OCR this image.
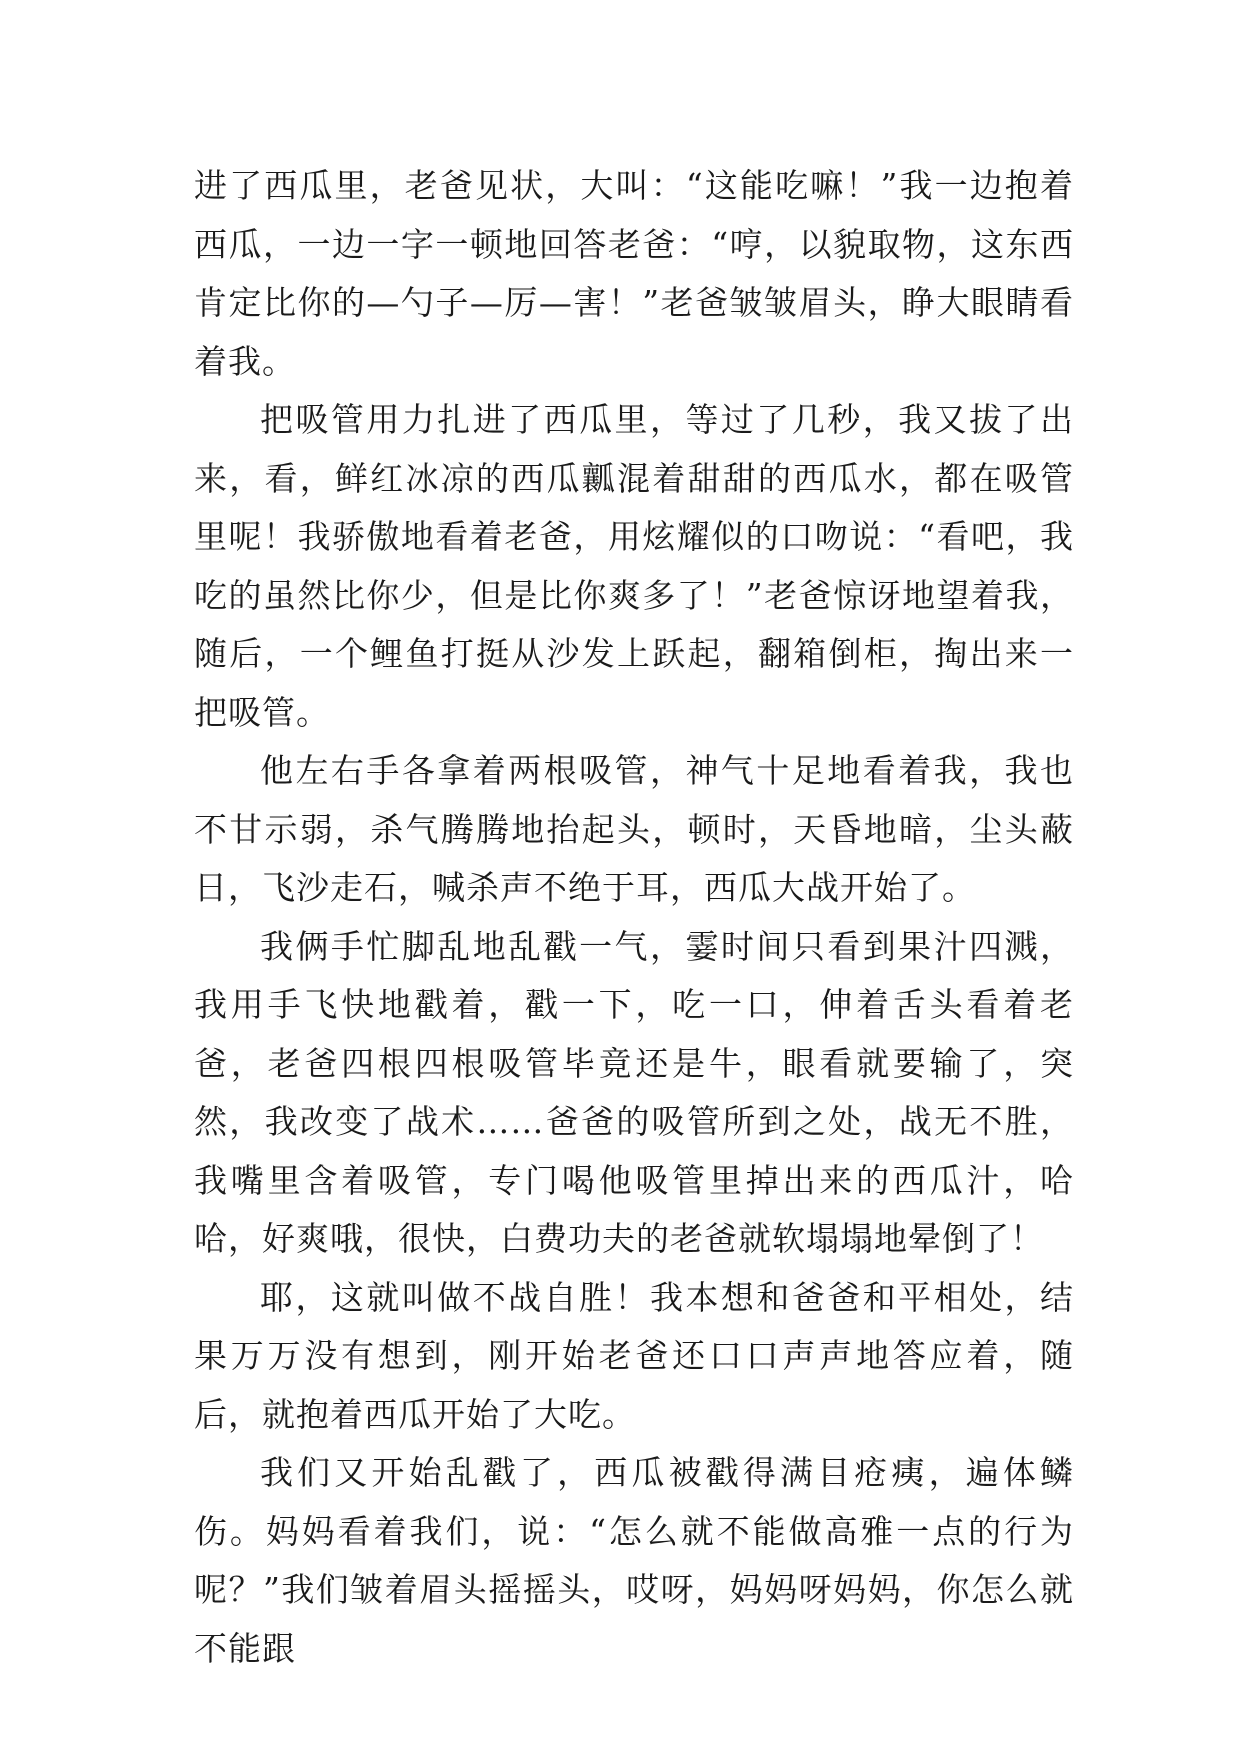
进了西瓜里，老爸见状，大叫：“这能吃嘛！”我一边抱着西瓜，一边一字一顿地回答老爸：“哼，以貌取物，这东西肯定比你的—勺子—厉—害！”老爸皱皱眉头，睁大眼睛看着我。

把吸管用力扎进了西瓜里，等过了几秒，我又拔了出来，看，鲜红冰凉的西瓜瓤混着甜甜的西瓜水，都在吸管里呢！我骄傲地看着老爸，用炫耀似的口吻说：“看吧，我吃的虽然比你少，但是比你爽多了！”老爸惊讶地望着我，随后，一个鲤鱼打挺从沙发上跃起，翻箱倒柜，掏出来一把吸管。

他左右手各拿着两根吸管，神气十足地看着我，我也不甘示弱，杀气腾腾地抬起头，顿时，天昏地暗，尘头蔽日，飞沙走石，喊杀声不绝于耳，西瓜大战开始了。

我俩手忙脚乱地乱戳一气，霎时间只看到果汁四溅，我用手飞快地戳着，戳一下，吃一口，伸着舌头看着老爸，老爸四根四根吸管毕竟还是牛，眼看就要输了，突然，我改变了战术……爸爸的吸管所到之处，战无不胜，我嘴里含着吸管，专门喝他吸管里掉出来的西瓜汁，哈哈，好爽哦，很快，白费功夫的老爸就软塌塌地晕倒了！

耶，这就叫做不战自胜！我本想和爸爸和平相处，结果万万没有想到，刚开始老爸还口口声声地答应着，随后，就抱着西瓜开始了大吃。

我们又开始乱戳了，西瓜被戳得满目疮痍，遍体鳞伤。妈妈看着我们，说：“怎么就不能做高雅一点的行为呢？”我们皱着眉头摇摇头，哎呀，妈妈呀妈妈，你怎么就不能跟
